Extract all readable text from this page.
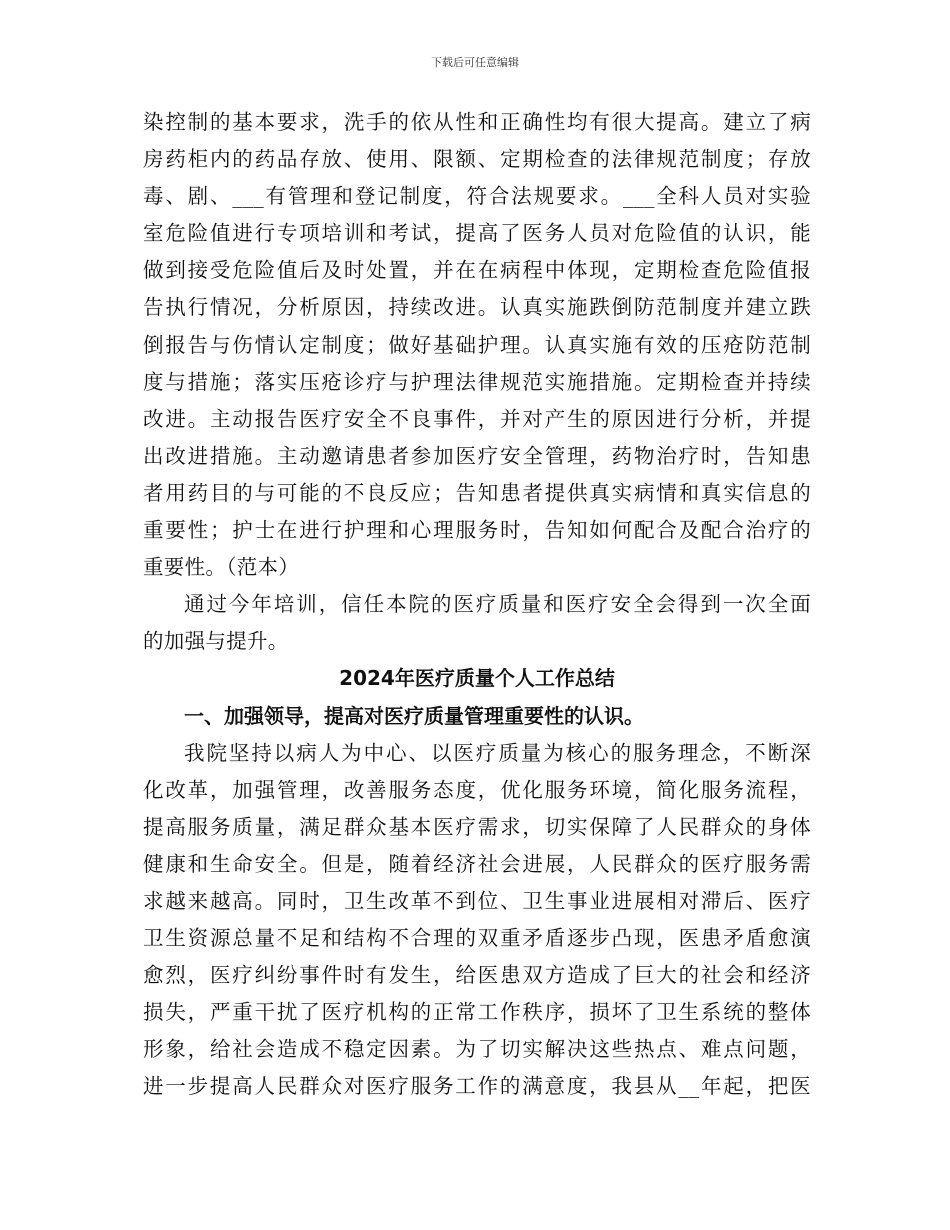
下载后可任意编辑
染控制的基本要求，洗手的依从性和正确性均有很大提高。建立了病
房药柜内的药品存放、使用、限额、定期检查的法律规范制度；存放
毒、剧、___有管理和登记制度，符合法规要求。___全科人员对实验
室危险值进行专项培训和考试，提高了医务人员对危险值的认识，能
做到接受危险值后及时处置，并在在病程中体现，定期检查危险值报
告执行情况，分析原因，持续改进。认真实施跌倒防范制度并建立跌
倒报告与伤情认定制度；做好基础护理。认真实施有效的压疮防范制
度与措施；落实压疮诊疗与护理法律规范实施措施。定期检查并持续
改进。主动报告医疗安全不良事件，并对产生的原因进行分析，并提
出改进措施。主动邀请患者参加医疗安全管理，药物治疗时，告知患
者用药目的与可能的不良反应；告知患者提供真实病情和真实信息的
重要性；护士在进行护理和心理服务时，告知如何配合及配合治疗的
重要性。（范本）
通过今年培训，信任本院的医疗质量和医疗安全会得到一次全面
的加强与提升。
2024年医疗质量个人工作总结
一、加强领导，提高对医疗质量管理重要性的认识。
我院坚持以病人为中心、以医疗质量为核心的服务理念，不断深
化改革，加强管理，改善服务态度，优化服务环境，简化服务流程，
提高服务质量，满足群众基本医疗需求，切实保障了人民群众的身体
健康和生命安全。但是，随着经济社会进展，人民群众的医疗服务需
求越来越高。同时，卫生改革不到位、卫生事业进展相对滞后、医疗
卫生资源总量不足和结构不合理的双重矛盾逐步凸现，医患矛盾愈演
愈烈，医疗纠纷事件时有发生，给医患双方造成了巨大的社会和经济
损失，严重干扰了医疗机构的正常工作秩序，损坏了卫生系统的整体
形象，给社会造成不稳定因素。为了切实解决这些热点、难点问题，
进一步提高人民群众对医疗服务工作的满意度，我县从__年起，把医
